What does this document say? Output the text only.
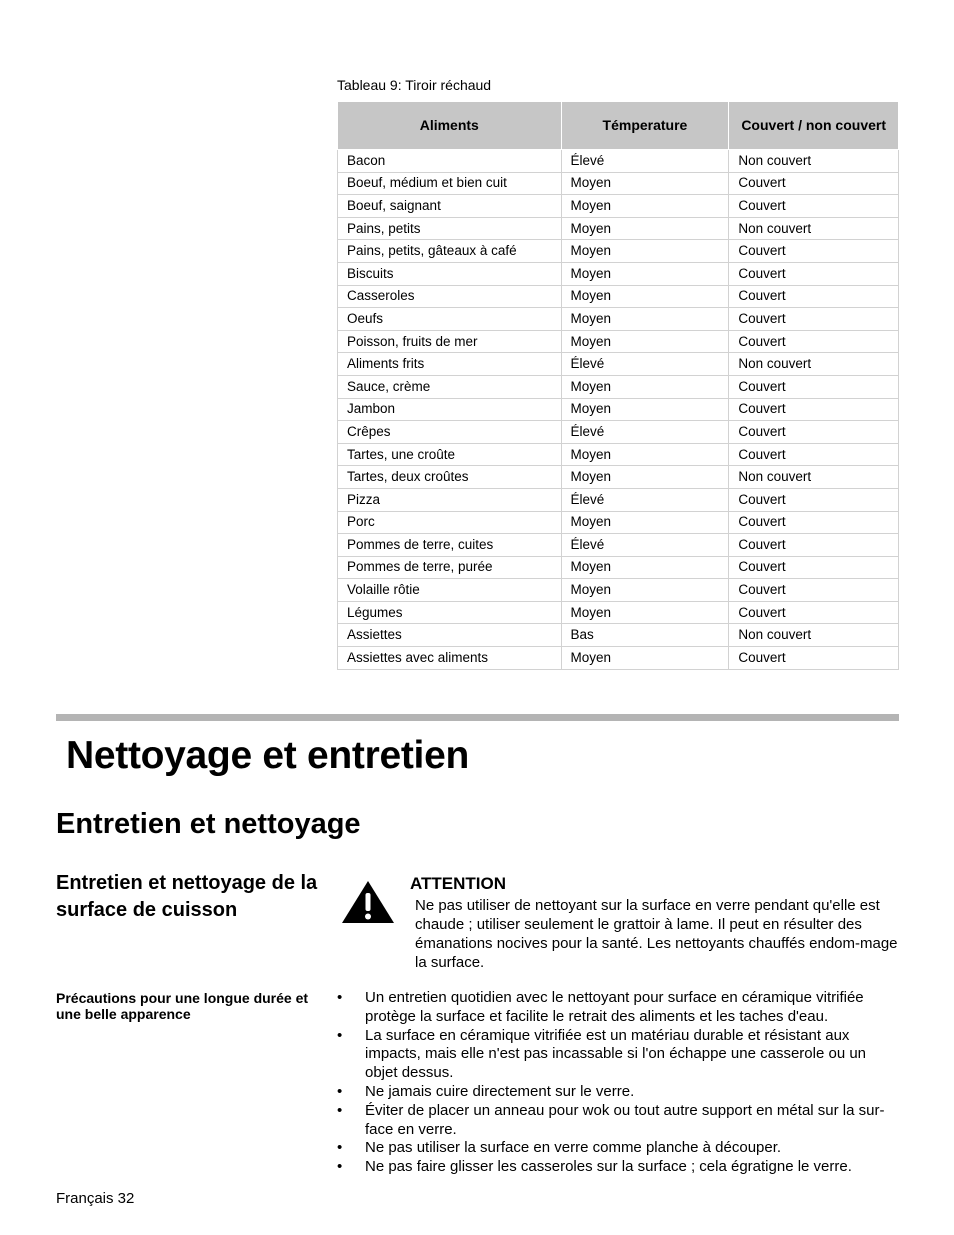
Tableau 9: Tiroir réchaud
Aliments	Témperature	Couvert / non couvert
Bacon	Élevé	Non couvert
Boeuf, médium et bien cuit	Moyen	Couvert
Boeuf, saignant	Moyen	Couvert
Pains, petits	Moyen	Non couvert
Pains, petits, gâteaux à café	Moyen	Couvert
Biscuits	Moyen	Couvert
Casseroles	Moyen	Couvert
Oeufs	Moyen	Couvert
Poisson, fruits de mer	Moyen	Couvert
Aliments frits	Élevé	Non couvert
Sauce, crème	Moyen	Couvert
Jambon	Moyen	Couvert
Crêpes	Élevé	Couvert
Tartes, une croûte	Moyen	Couvert
Tartes, deux croûtes	Moyen	Non couvert
Pizza	Élevé	Couvert
Porc	Moyen	Couvert
Pommes de terre, cuites	Élevé	Couvert
Pommes de terre, purée	Moyen	Couvert
Volaille rôtie	Moyen	Couvert
Légumes	Moyen	Couvert
Assiettes	Bas	Non couvert
Assiettes avec aliments	Moyen	Couvert
Nettoyage et entretien
Entretien et nettoyage
Entretien et nettoyage de la surface de cuisson
ATTENTION
Ne pas utiliser de nettoyant sur la surface en verre pendant qu'elle est chaude ; utiliser seulement le grattoir à lame. Il peut en résulter des émanations nocives pour la santé. Les nettoyants chauffés endom-mage la surface.
Précautions pour une longue durée et une belle apparence
• Un entretien quotidien avec le nettoyant pour surface en céramique vitrifiée protège la surface et facilite le retrait des aliments et les taches d'eau.
• La surface en céramique vitrifiée est un matériau durable et résistant aux impacts, mais elle n'est pas incassable si l'on échappe une casserole ou un objet dessus.
• Ne jamais cuire directement sur le verre.
• Éviter de placer un anneau pour wok ou tout autre support en métal sur la sur-face en verre.
• Ne pas utiliser la surface en verre comme planche à découper.
• Ne pas faire glisser les casseroles sur la surface ; cela égratigne le verre.
Français 32
